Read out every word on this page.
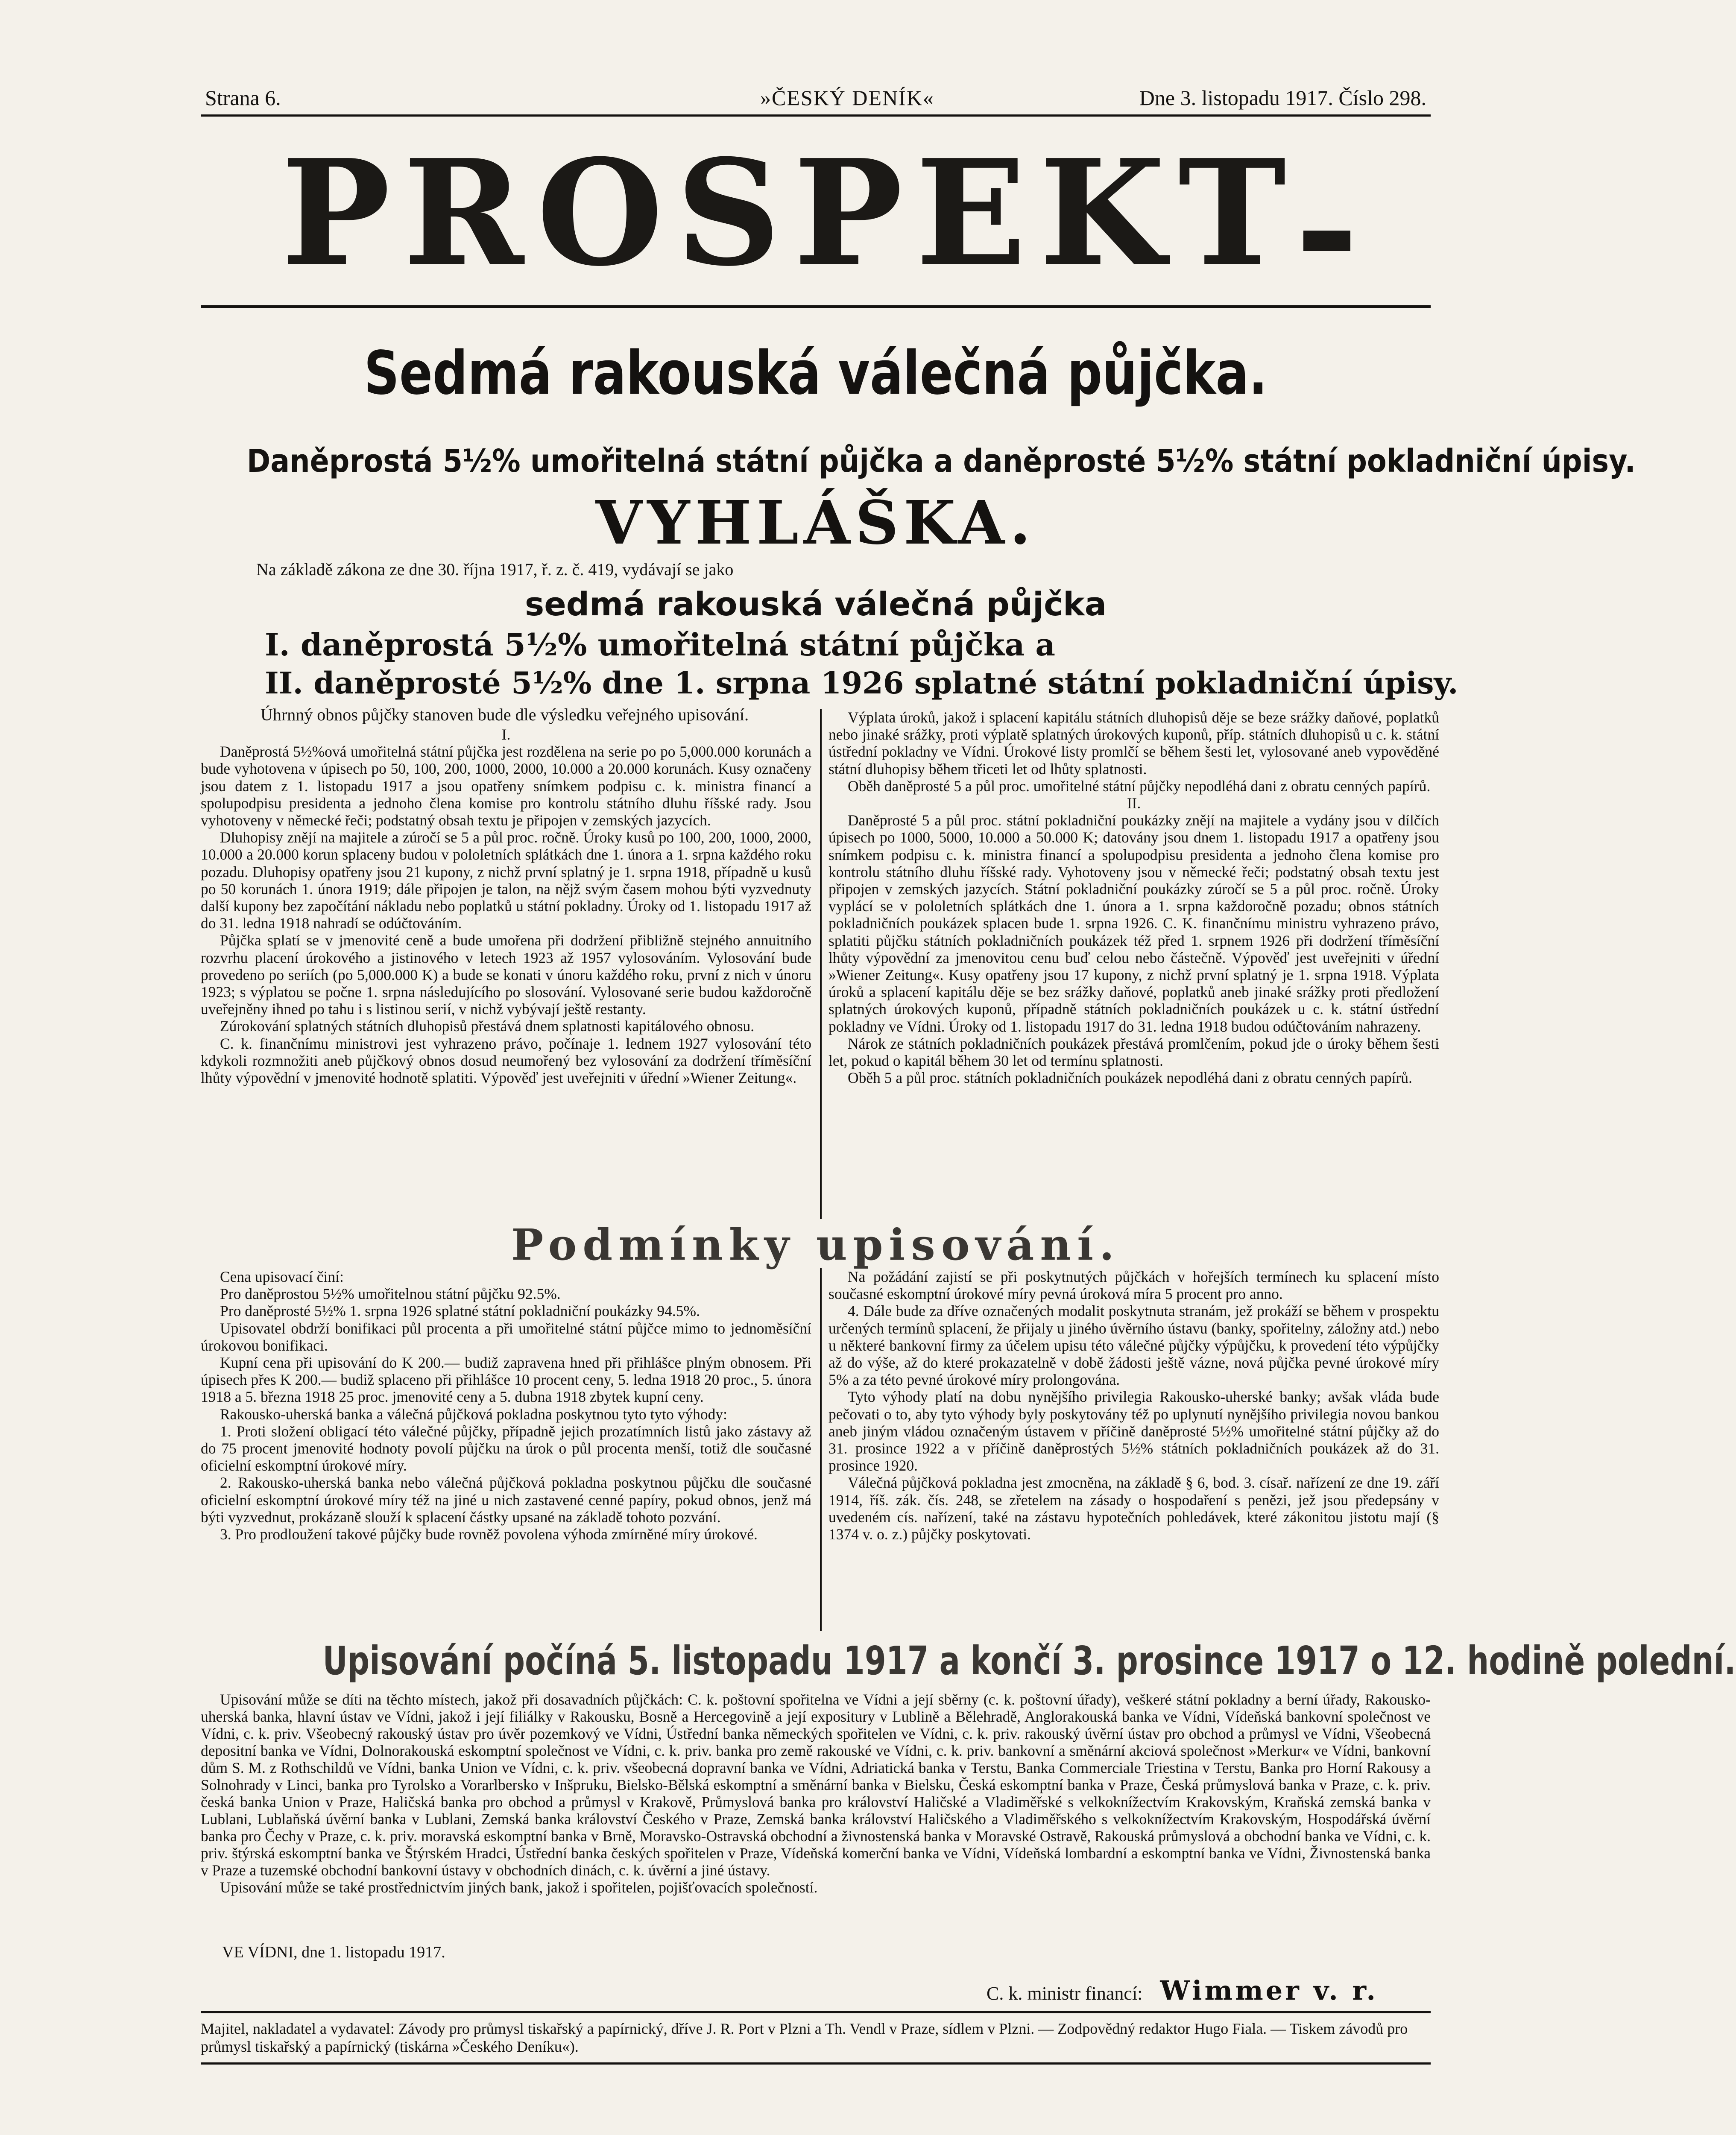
Strana 6.	»ČESKÝ DENÍK«	Dne 3. listopadu 1917. Číslo 298.
PROSPEKT
Sedmá rakouská válečná půjčka.
Daněprostá 5½% umořitelná státní půjčka a daněprosté 5½% státní pokladniční úpisy.
VYHLÁŠKA.
Na základě zákona ze dne 30. října 1917, ř. z. č. 419, vydávají se jako
sedmá rakouská válečná půjčka
I. daněprostá 5½% umořitelná státní půjčka a
II. daněprosté 5½% dne 1. srpna 1926 splatné státní pokladniční úpisy.
Úhrnný obnos půjčky stanoven bude dle výsledku veřejného upisování.

I.

Daněprostá 5½%ová umořitelná státní půjčka jest rozdělena na serie po po 5,000.000 korunách a bude vyhotovena v úpisech po 50, 100, 200, 1000, 2000, 10.000 a 20.000 korunách. Kusy označeny jsou datem z 1. listopadu 1917 a jsou opatřeny snímkem podpisu c. k. ministra financí a spolupodpisu presidenta a jednoho člena komise pro kontrolu státního dluhu říšské rady. Jsou vyhotoveny v německé řeči; podstatný obsah textu je připojen v zemských jazycích.

Dluhopisy znějí na majitele a zúročí se 5 a půl proc. ročně. Úroky kusů po 100, 200, 1000, 2000, 10.000 a 20.000 korun splaceny budou v pololetních splátkách dne 1. února a 1. srpna každého roku pozadu. Dluhopisy opatřeny jsou 21 kupony, z nichž první splatný je 1. srpna 1918, případně u kusů po 50 korunách 1. února 1919; dále připojen je talon, na nějž svým časem mohou býti vyzvednuty další kupony bez započítání nákladu nebo poplatků u státní pokladny. Úroky od 1. listopadu 1917 až do 31. ledna 1918 nahradí se odúčtováním.

Půjčka splatí se v jmenovité ceně a bude umořena při dodržení přibližně stejného annuitního rozvrhu placení úrokového a jistinového v letech 1923 až 1957 vylosováním. Vylosování bude provedeno po seriích (po 5,000.000 K) a bude se konati v únoru každého roku, první z nich v únoru 1923; s výplatou se počne 1. srpna následujícího po slosování. Vylosované serie budou každoročně uveřejněny ihned po tahu i s listinou serií, v nichž vybývají ještě restanty.

Zúrokování splatných státních dluhopisů přestává dnem splatnosti kapitálového obnosu.

C. k. finančnímu ministrovi jest vyhrazeno právo, počínaje 1. lednem 1927 vylosování této kdykoli rozmnožiti aneb půjčkový obnos dosud neumořený bez vylosování za dodržení tříměsíční lhůty výpovědní v jmenovité hodnotě splatiti. Výpověď jest uveřejniti v úřední »Wiener Zeitung«.

Výplata úroků, jakož i splacení kapitálu státních dluhopisů děje se beze srážky daňové, poplatků nebo jinaké srážky, proti výplatě splatných úrokových kuponů, příp. státních dluhopisů u c. k. státní ústřední pokladny ve Vídni. Úrokové listy promlčí se během šesti let, vylosované aneb vypověděné státní dluhopisy během třiceti let od lhůty splatnosti.

Oběh daněprosté 5 a půl proc. umořitelné státní půjčky nepodléhá dani z obratu cenných papírů.

II.

Daněprosté 5 a půl proc. státní pokladniční poukázky znějí na majitele a vydány jsou v dílčích úpisech po 1000, 5000, 10.000 a 50.000 K; datovány jsou dnem 1. listopadu 1917 a opatřeny jsou snímkem podpisu c. k. ministra financí a spolupodpisu presidenta a jednoho člena komise pro kontrolu státního dluhu říšské rady. Vyhotoveny jsou v německé řeči; podstatný obsah textu jest připojen v zemských jazycích. Státní pokladniční poukázky zúročí se 5 a půl proc. ročně. Úroky vyplácí se v pololetních splátkách dne 1. února a 1. srpna každoročně pozadu; obnos státních pokladničních poukázek splacen bude 1. srpna 1926. C. K. finančnímu ministru vyhrazeno právo, splatiti půjčku státních pokladničních poukázek též před 1. srpnem 1926 při dodržení tříměsíční lhůty výpovědní za jmenovitou cenu buď celou nebo částečně. Výpověď jest uveřejniti v úřední »Wiener Zeitung«. Kusy opatřeny jsou 17 kupony, z nichž první splatný je 1. srpna 1918. Výplata úroků a splacení kapitálu děje se bez srážky daňové, poplatků aneb jinaké srážky proti předložení splatných úrokových kuponů, případně státních pokladničních poukázek u c. k. státní ústřední pokladny ve Vídni. Úroky od 1. listopadu 1917 do 31. ledna 1918 budou odúčtováním nahrazeny.

Nárok ze státních pokladničních poukázek přestává promlčením, pokud jde o úroky během šesti let, pokud o kapitál během 30 let od termínu splatnosti.

Oběh 5 a půl proc. státních pokladničních poukázek nepodléhá dani z obratu cenných papírů.

Podmínky upisování.

Cena upisovací činí:

Pro daněprostou 5½% umořitelnou státní půjčku 92.5%.

Pro daněprosté 5½% 1. srpna 1926 splatné státní pokladniční poukázky 94.5%.

Upisovatel obdrží bonifikaci půl procenta a při umořitelné státní půjčce mimo to jednoměsíční úrokovou bonifikaci.

Kupní cena při upisování do K 200.— budiž zapravena hned při přihlášce plným obnosem. Při úpisech přes K 200.— budiž splaceno při přihlášce 10 procent ceny, 5. ledna 1918 20 proc., 5. února 1918 a 5. března 1918 25 proc. jmenovité ceny a 5. dubna 1918 zbytek kupní ceny.

Rakousko-uherská banka a válečná půjčková pokladna poskytnou tyto tyto výhody:

1. Proti složení obligací této válečné půjčky, případně jejich prozatímních listů jako zástavy až do 75 procent jmenovité hodnoty povolí půjčku na úrok o půl procenta menší, totiž dle současné oficielní eskomptní úrokové míry.

2. Rakousko-uherská banka nebo válečná půjčková pokladna poskytnou půjčku dle současné oficielní eskomptní úrokové míry též na jiné u nich zastavené cenné papíry, pokud obnos, jenž má býti vyzvednut, prokázaně slouží k splacení částky upsané na základě tohoto pozvání.

3. Pro prodloužení takové půjčky bude rovněž povolena výhoda zmírněné míry úrokové.

Na požádání zajistí se při poskytnutých půjčkách v hořejších termínech ku splacení místo současné eskomptní úrokové míry pevná úroková míra 5 procent pro anno.

4. Dále bude za dříve označených modalit poskytnuta stranám, jež prokáží se během v prospektu určených termínů splacení, že přijaly u jiného úvěrního ústavu (banky, spořitelny, záložny atd.) nebo u některé bankovní firmy za účelem upisu této válečné půjčky výpůjčku, k provedení této výpůjčky až do výše, až do které prokazatelně v době žádosti ještě vázne, nová půjčka pevné úrokové míry 5% a za této pevné úrokové míry prolongována.

Tyto výhody platí na dobu nynějšího privilegia Rakousko-uherské banky; avšak vláda bude pečovati o to, aby tyto výhody byly poskytovány též po uplynutí nynějšího privilegia novou bankou aneb jiným vládou označeným ústavem v příčině daněprosté 5½% umořitelné státní půjčky až do 31. prosince 1922 a v příčině daněprostých 5½% státních pokladničních poukázek až do 31. prosince 1920.

Válečná půjčková pokladna jest zmocněna, na základě § 6, bod. 3. císař. nařízení ze dne 19. září 1914, říš. zák. čís. 248, se zřetelem na zásady o hospodaření s penězi, jež jsou předepsány v uvedeném cís. nařízení, také na zástavu hypotečních pohledávek, které zákonitou jistotu mají (§ 1374 v. o. z.) půjčky poskytovati.

Upisování počíná 5. listopadu 1917 a končí 3. prosince 1917 o 12. hodině polední.

Upisování může se díti na těchto místech, jakož při dosavadních půjčkách: C. k. poštovní spořitelna ve Vídni a její sběrny (c. k. poštovní úřady), veškeré státní pokladny a berní úřady, Rakousko-uherská banka, hlavní ústav ve Vídni, jakož i její filiálky v Rakousku, Bosně a Hercegovině a její expositury v Lublině a Bělehradě, Anglorakouská banka ve Vídni, Vídeňská bankovní společnost ve Vídni, c. k. priv. Všeobecný rakouský ústav pro úvěr pozemkový ve Vídni, Ústřední banka německých spořitelen ve Vídni, c. k. priv. rakouský úvěrní ústav pro obchod a průmysl ve Vídni, Všeobecná depositní banka ve Vídni, Dolnorakouská eskomptní společnost ve Vídni, c. k. priv. banka pro země rakouské ve Vídni, c. k. priv. bankovní a směnární akciová společnost »Merkur« ve Vídni, bankovní dům S. M. z Rothschildů ve Vídni, banka Union ve Vídni, c. k. priv. všeobecná dopravní banka ve Vídni, Adriatická banka v Terstu, Banka Commerciale Triestina v Terstu, Banka pro Horní Rakousy a Solnohrady v Linci, banka pro Tyrolsko a Vorarlbersko v Inšpruku, Bielsko-Bělská eskomptní a směnární banka v Bielsku, Česká eskomptní banka v Praze, Česká průmyslová banka v Praze, c. k. priv. česká banka Union v Praze, Haličská banka pro obchod a průmysl v Krakově, Průmyslová banka pro království Haličské a Vladiměřské s velkoknížectvím Krakovským, Kraňská zemská banka v Lublani, Lublaňská úvěrní banka v Lublani, Zemská banka království Českého v Praze, Zemská banka království Haličského a Vladiměřského s velkoknížectvím Krakovským, Hospodářská úvěrní banka pro Čechy v Praze, c. k. priv. moravská eskomptní banka v Brně, Moravsko-Ostravská obchodní a živnostenská banka v Moravské Ostravě, Rakouská průmyslová a obchodní banka ve Vídni, c. k. priv. štýrská eskomptní banka ve Štýrském Hradci, Ústřední banka českých spořitelen v Praze, Vídeňská komerční banka ve Vídni, Vídeňská lombardní a eskomptní banka ve Vídni, Živnostenská banka v Praze a tuzemské obchodní bankovní ústavy v obchodních dinách, c. k. úvěrní a jiné ústavy.

Upisování může se také prostřednictvím jiných bank, jakož i spořitelen, pojišťovacích společností.

VE VÍDNI, dne 1. listopadu 1917.
C. k. ministr financí: Wimmer v. r.
Majitel, nakladatel a vydavatel: Závody pro průmysl tiskařský a papírnický, dříve J. R. Port v Plzni a Th. Vendl v Praze, sídlem v Plzni. — Zodpovědný redaktor Hugo Fiala. — Tiskem závodů pro průmysl tiskařský a papírnický (tiskárna »Českého Deníku«).
